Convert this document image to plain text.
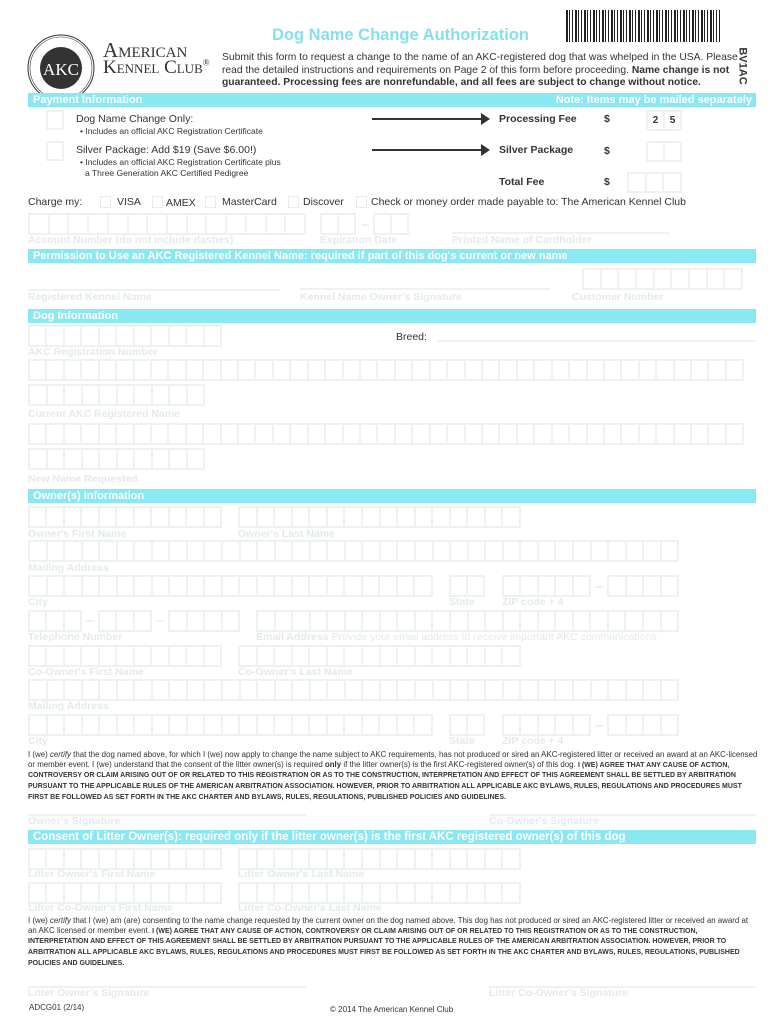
AKC
American
Kennel Club®
Dog Name Change Authorization
BV1AC
Submit this form to request a change to the name of an AKC-registered dog that was whelped in the USA. Please read the detailed instructions and requirements on Page 2 of this form before proceeding. Name change is not guaranteed. Processing fees are nonrefundable, and all fees are subject to change without notice.
Payment Information	Note: Items may be mailed separately
Dog Name Change Only:
• Includes an official AKC Registration Certificate
Processing Fee	$	2	5
Silver Package: Add $19 (Save $6.00!)
• Includes an official AKC Registration Certificate plus
a Three Generation AKC Certified Pedigree
Silver Package	$
Total Fee	$
Charge my:	VISA AMEX MasterCard Discover	Check or money order made payable to: The American Kennel Club
Account Number (do not include dashes)	Expiration Date	Printed Name of Cardholder
Permission to Use an AKC Registered Kennel Name: required if part of this dog's current or new name
Registered Kennel Name	Kennel Name Owner's Signature	Customer Number
Dog Information
Breed:
AKC Registration Number
Current AKC Registered Name
New Name Requested
Owner(s) Information
Owner's First Name	Owner's Last Name
Mailing Address
City	State	ZIP code + 4
Telephone Number	Email Address Provide your email address to receive important AKC communications.
Co-Owner's First Name	Co-Owner's Last Name
Mailing Address
City	State	ZIP code + 4
I (we) certify that the dog named above, for which I (we) now apply to change the name subject to AKC requirements, has not produced or sired an AKC-registered litter or received an award at an AKC-licensed or member event. I (we) understand that the consent of the litter owner(s) is required only if the litter owner(s) is the first AKC-registered owner(s) of this dog. I (WE) AGREE THAT ANY CAUSE OF ACTION, CONTROVERSY OR CLAIM ARISING OUT OF OR RELATED TO THIS REGISTRATION OR AS TO THE CONSTRUCTION, INTERPRETATION AND EFFECT OF THIS AGREEMENT SHALL BE SETTLED BY ARBITRATION PURSUANT TO THE APPLICABLE RULES OF THE AMERICAN ARBITRATION ASSOCIATION. HOWEVER, PRIOR TO ARBITRATION ALL APPLICABLE AKC BYLAWS, RULES, REGULATIONS AND PROCEDURES MUST FIRST BE FOLLOWED AS SET FORTH IN THE AKC CHARTER AND BYLAWS, RULES, REGULATIONS, PUBLISHED POLICIES AND GUIDELINES.
Owner's Signature	Co-Owner's Signature
Consent of Litter Owner(s): required only if the litter owner(s) is the first AKC registered owner(s) of this dog
Litter Owner's First Name	Litter Owner's Last Name
Litter Co-Owner's First Name	Litter Co-Owner's Last Name
I (we) certify that I (we) am (are) consenting to the name change requested by the current owner on the dog named above. This dog has not produced or sired an AKC-registered litter or received an award at an AKC licensed or member event. I (WE) AGREE THAT ANY CAUSE OF ACTION, CONTROVERSY OR CLAIM ARISING OUT OF OR RELATED TO THIS REGISTRATION OR AS TO THE CONSTRUCTION, INTERPRETATION AND EFFECT OF THIS AGREEMENT SHALL BE SETTLED BY ARBITRATION PURSUANT TO THE APPLICABLE RULES OF THE AMERICAN ARBITRATION ASSOCIATION. HOWEVER, PRIOR TO ARBITRATION ALL APPLICABLE AKC BYLAWS, RULES, REGULATIONS AND PROCEDURES MUST FIRST BE FOLLOWED AS SET FORTH IN THE AKC CHARTER AND BYLAWS, RULES, REGULATIONS, PUBLISHED POLICIES AND GUIDELINES.
Litter Owner's Signature	Litter Co-Owner's Signature
ADCG01 (2/14)	© 2014 The American Kennel Club
